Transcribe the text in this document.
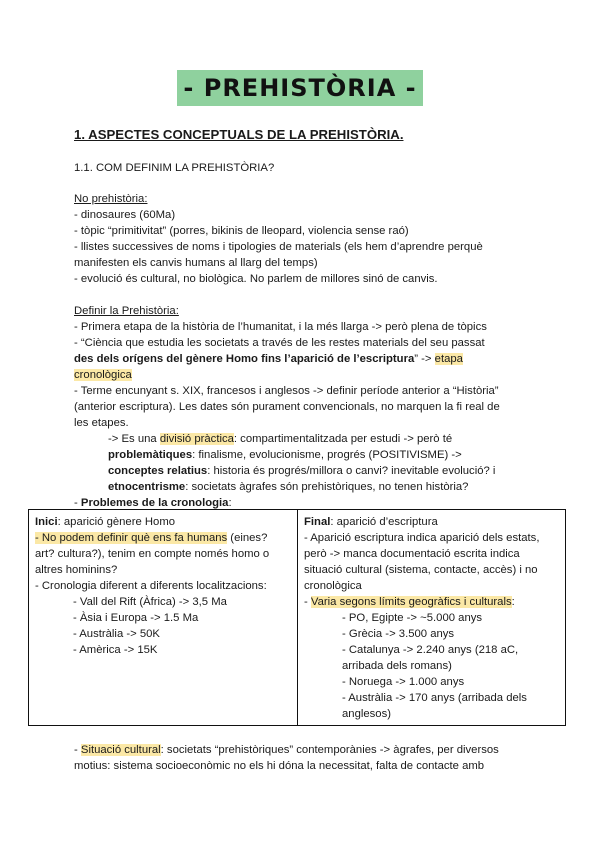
- PREHISTÒRIA -
1. ASPECTES CONCEPTUALS DE LA PREHISTÒRIA.
1.1. COM DEFINIM LA PREHISTÒRIA?

No prehistòria:

- dinosaures (60Ma)

- tòpic “primitivitat” (porres, bikinis de lleopard, violencia sense raó)

- llistes successives de noms i tipologies de materials (els hem d’aprendre perquè

manifesten els canvis humans al llarg del temps)

- evolució és cultural, no biològica. No parlem de millores sinó de canvis.

Definir la Prehistòria:

- Primera etapa de la història de l’humanitat, i la més llarga -> però plena de tòpics

- “Ciència que estudia les societats a través de les restes materials del seu passat

des dels orígens del gènere Homo fins l’aparició de l’escriptura” -> etapa

cronològica

- Terme encunyant s. XIX, francesos i anglesos -> definir període anterior a “Història”

(anterior escriptura). Les dates són purament convencionals, no marquen la fi real de

les etapes.

-> Es una divisió pràctica: compartimentalitzada per estudi -> però té

problemàtiques: finalisme, evolucionisme, progrés (POSITIVISME) ->

conceptes relatius: historia és progrés/millora o canvi? inevitable evolució? i

etnocentrisme: societats àgrafes són prehistòriques, no tenen història?

- Problemes de la cronologia:

Inici: aparició gènere Homo

- No podem definir què ens fa humans (eines?

art? cultura?), tenim en compte només homo o

altres hominins?

- Cronologia diferent a diferents localitzacions:

- Vall del Rift (Àfrica) -> 3,5 Ma

- Àsia i Europa -> 1.5 Ma

- Austràlia -> 50K

- Amèrica -> 15K

Final: aparició d’escriptura

- Aparició escriptura indica aparició dels estats,

però -> manca documentació escrita indica

situació cultural (sistema, contacte, accès) i no

cronològica

- Varia segons límits geogràfics i culturals:

- PO, Egipte -> ~5.000 anys

- Grècia -> 3.500 anys

- Catalunya -> 2.240 anys (218 aC,

arribada dels romans)

- Noruega -> 1.000 anys

- Austràlia -> 170 anys (arribada dels

anglesos)

- Situació cultural: societats “prehistòriques” contemporànies -> àgrafes, per diversos

motius: sistema socioeconòmic no els hi dóna la necessitat, falta de contacte amb
